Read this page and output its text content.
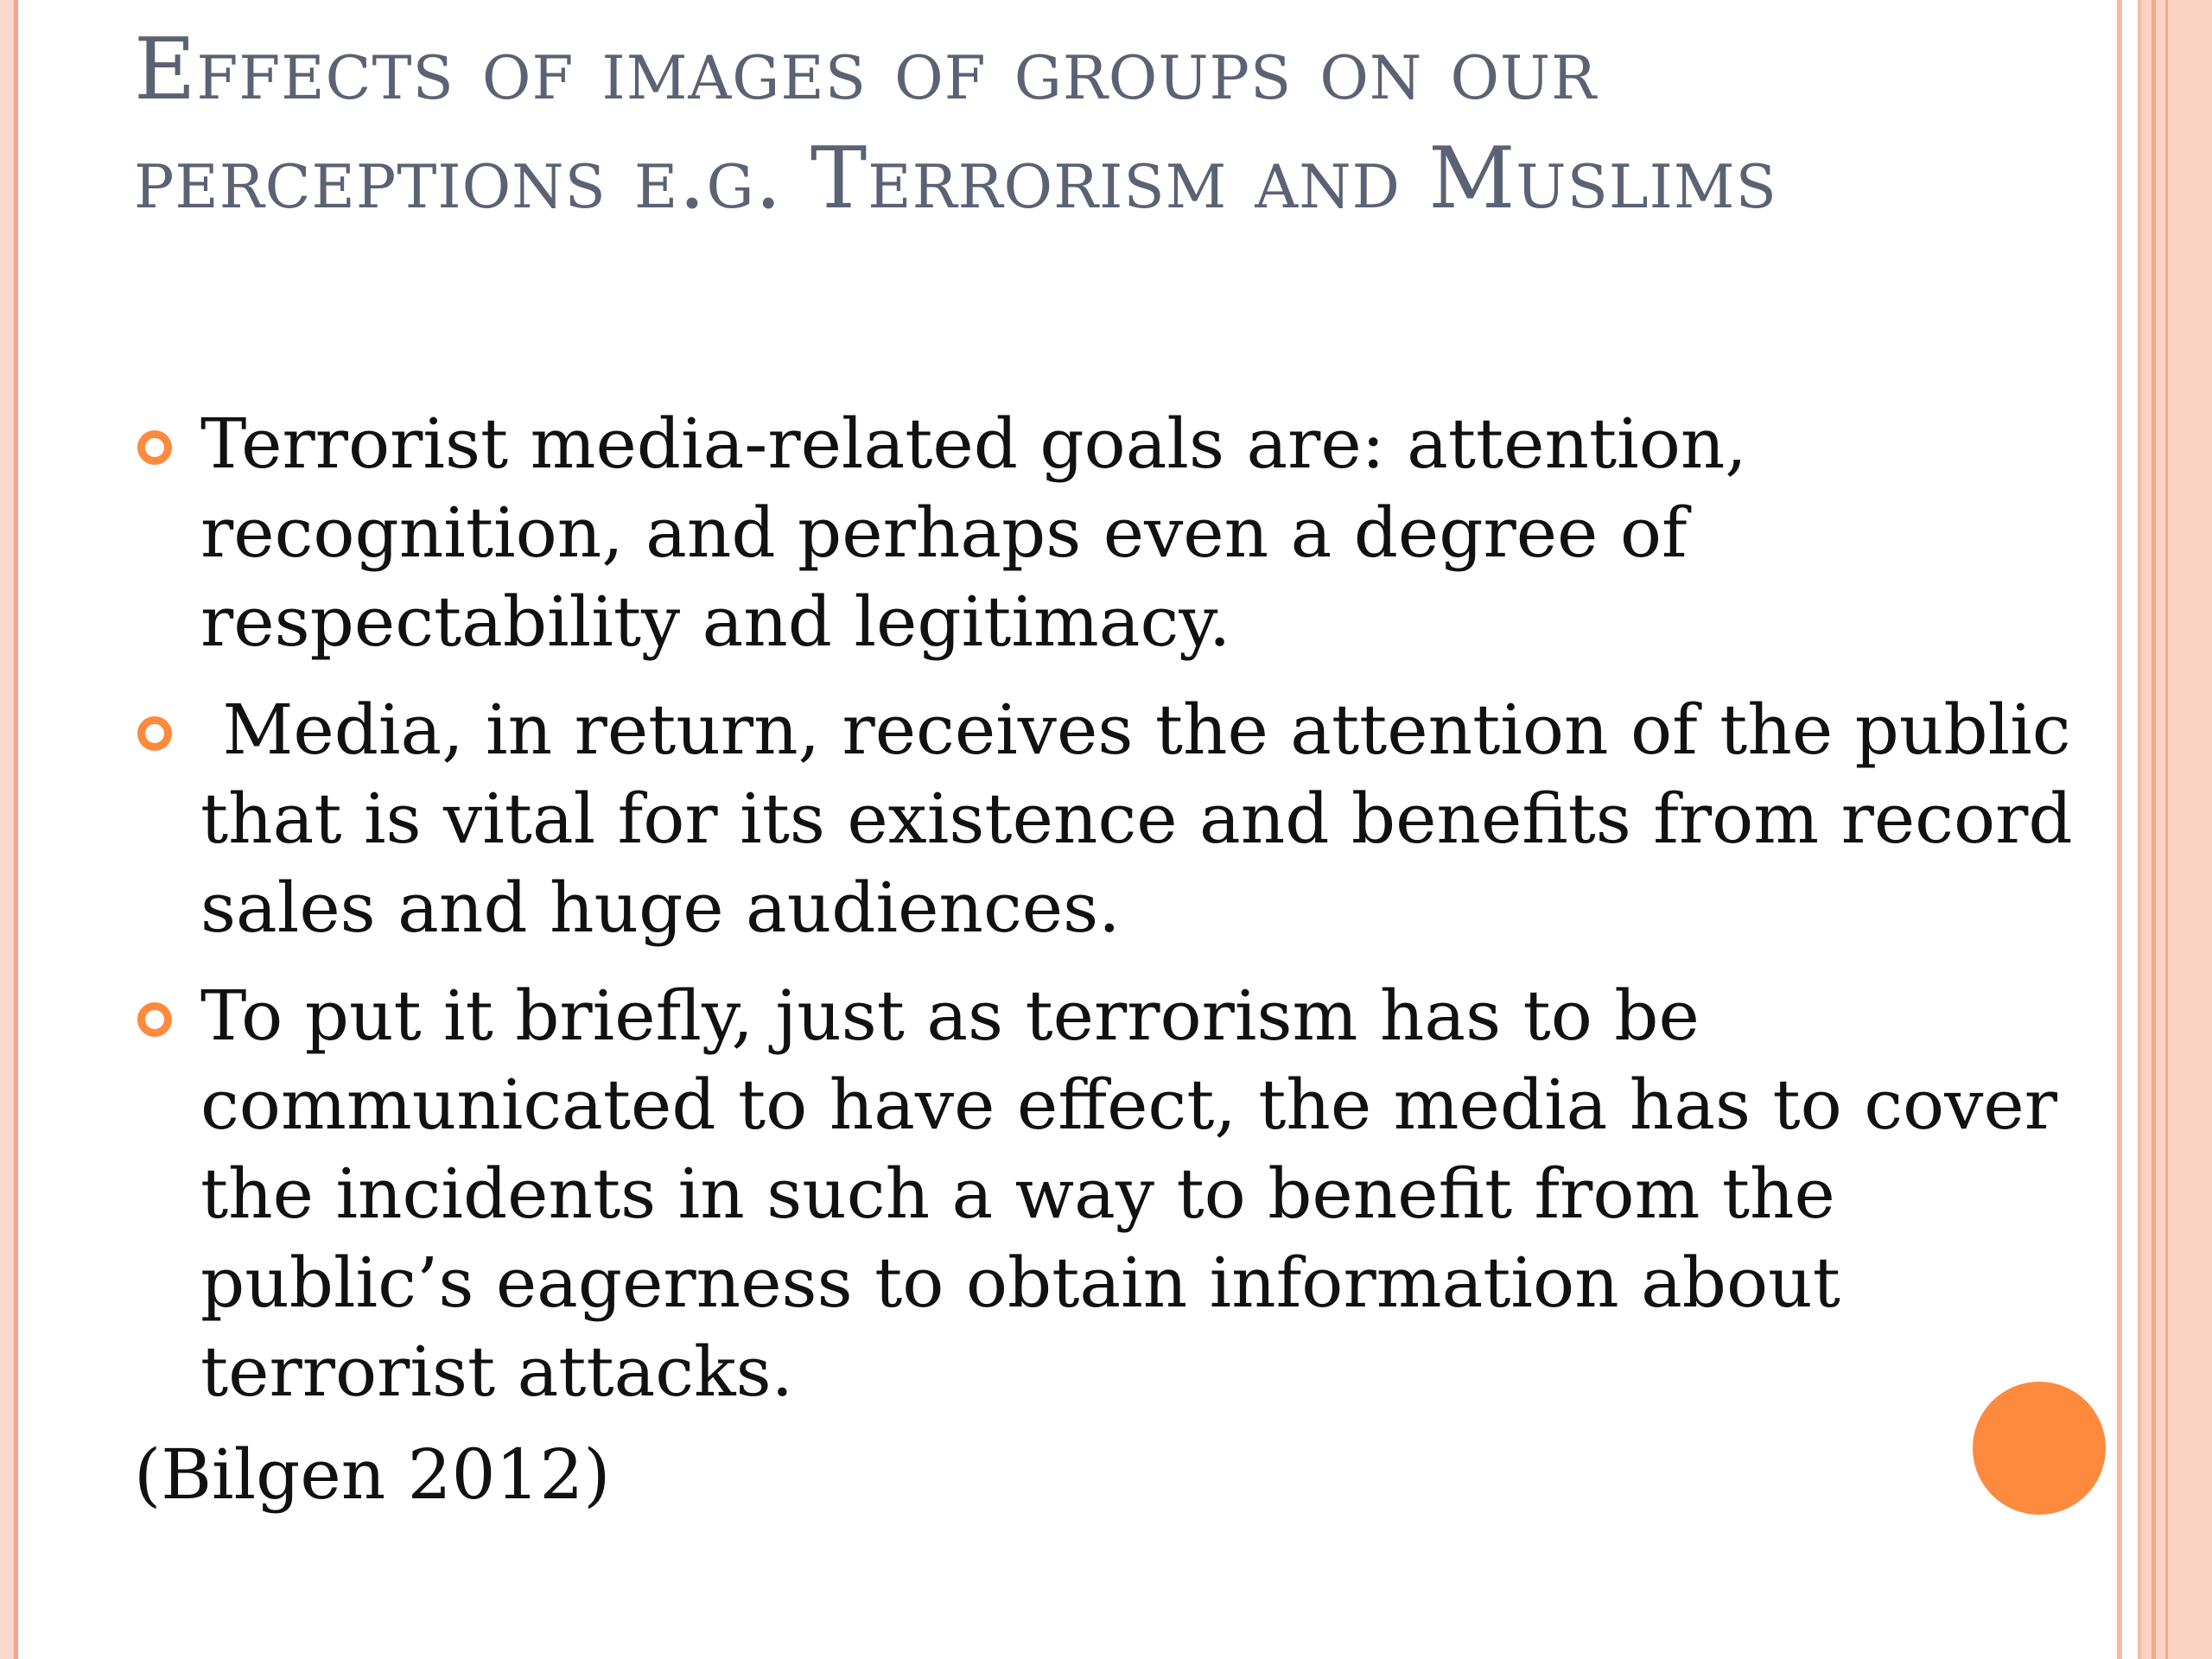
Effects of images of groups on our perceptions e.g. Terrorism and Muslims
Terrorist media-related goals are: attention, recognition, and perhaps even a degree of respectability and legitimacy.
Media, in return, receives the attention of the public that is vital for its existence and benefits from record sales and huge audiences.
To put it briefly, just as terrorism has to be communicated to have effect, the media has to cover the incidents in such a way to benefit from the public’s eagerness to obtain information about terrorist attacks.
(Bilgen 2012)
